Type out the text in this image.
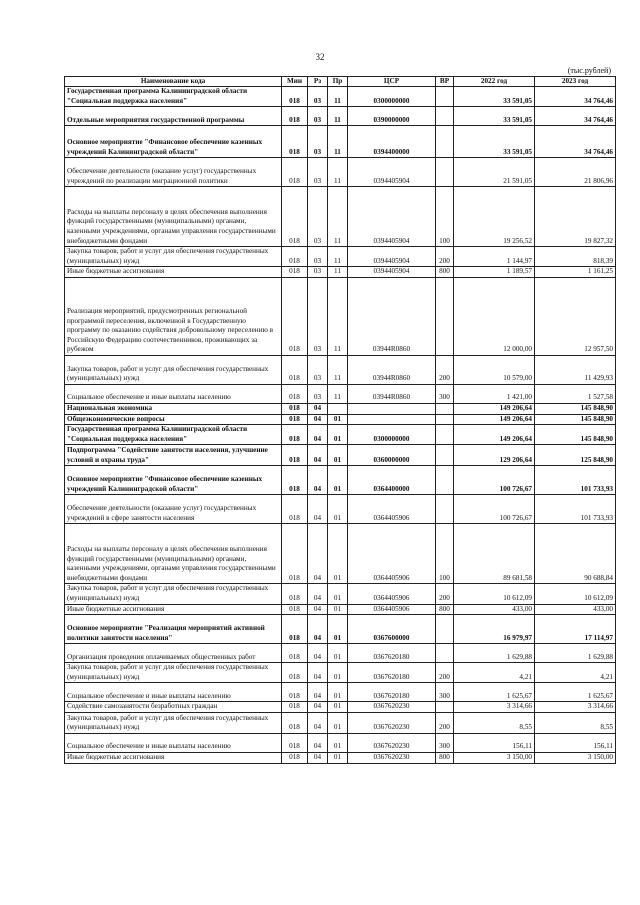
32
(тыс.рублей)
Наименование кода	Мин	Рз	Пр	ЦСР	ВР	2022 год	2023 год
Государственная программа Калининградской области "Социальная поддержка населения"	018	03	11	0300000000		33 591,05	34 764,46
Отдельные мероприятия государственной программы	018	03	11	0390000000		33 591,05	34 764,46
Основное мероприятие "Финансовое обеспечение казенных учреждений Калининградской области"	018	03	11	0394400000		33 591,05	34 764,46
Обеспечение деятельности (оказание услуг) государственных учреждений по реализации миграционной политики	018	03	11	0394405904		21 591,05	21 806,96
Расходы на выплаты персоналу в целях обеспечения выполнения функций государственными (муниципальными) органами, казенными учреждениями, органами управления государственными внебюджетными фондами	018	03	11	0394405904	100	19 256,52	19 827,32
Закупка товаров, работ и услуг для обеспечения государственных (муниципальных) нужд	018	03	11	0394405904	200	1 144,97	818,39
Иные бюджетные ассигнования	018	03	11	0394405904	800	1 189,57	1 161,25
Реализация мероприятий, предусмотренных региональной программой переселения, включенной в Государственную программу по оказанию содействия добровольному переселению в Российскую Федерацию соотечественников, проживающих за рубежом	018	03	11	03944R0860		12 000,00	12 957,50
Закупка товаров, работ и услуг для обеспечения государственных (муниципальных) нужд	018	03	11	03944R0860	200	10 579,00	11 429,93
Социальное обеспечение и иные выплаты населению	018	03	11	03944R0860	300	1 421,00	1 527,58
Национальная экономика	018	04				149 206,64	145 848,90
Общеэкономические вопросы	018	04	01			149 206,64	145 848,90
Государственная программа Калининградской области "Социальная поддержка населения"	018	04	01	0300000000		149 206,64	145 848,90
Подпрограмма "Содействие занятости населения, улучшение условий и охраны труда"	018	04	01	0360000000		129 206,64	125 848,90
Основное мероприятие "Финансовое обеспечение казенных учреждений Калининградской области"	018	04	01	0364400000		100 726,67	101 733,93
Обеспечение деятельности (оказание услуг) государственных учреждений в сфере занятости населения	018	04	01	0364405906		100 726,67	101 733,93
Расходы на выплаты персоналу в целях обеспечения выполнения функций государственными (муниципальными) органами, казенными учреждениями, органами управления государственными внебюджетными фондами	018	04	01	0364405906	100	89 681,58	90 688,84
Закупка товаров, работ и услуг для обеспечения государственных (муниципальных) нужд	018	04	01	0364405906	200	10 612,09	10 612,09
Иные бюджетные ассигнования	018	04	01	0364405906	800	433,00	433,00
Основное мероприятие "Реализация мероприятий активной политики занятости населения"	018	04	01	0367600000		16 979,97	17 114,97
Организация проведения оплачиваемых общественных работ	018	04	01	0367620180		1 629,88	1 629,88
Закупка товаров, работ и услуг для обеспечения государственных (муниципальных) нужд	018	04	01	0367620180	200	4,21	4,21
Социальное обеспечение и иные выплаты населению	018	04	01	0367620180	300	1 625,67	1 625,67
Содействие самозанятости безработных граждан	018	04	01	0367620230		3 314,66	3 314,66
Закупка товаров, работ и услуг для обеспечения государственных (муниципальных) нужд	018	04	01	0367620230	200	8,55	8,55
Социальное обеспечение и иные выплаты населению	018	04	01	0367620230	300	156,11	156,11
Иные бюджетные ассигнования	018	04	01	0367620230	800	3 150,00	3 150,00
